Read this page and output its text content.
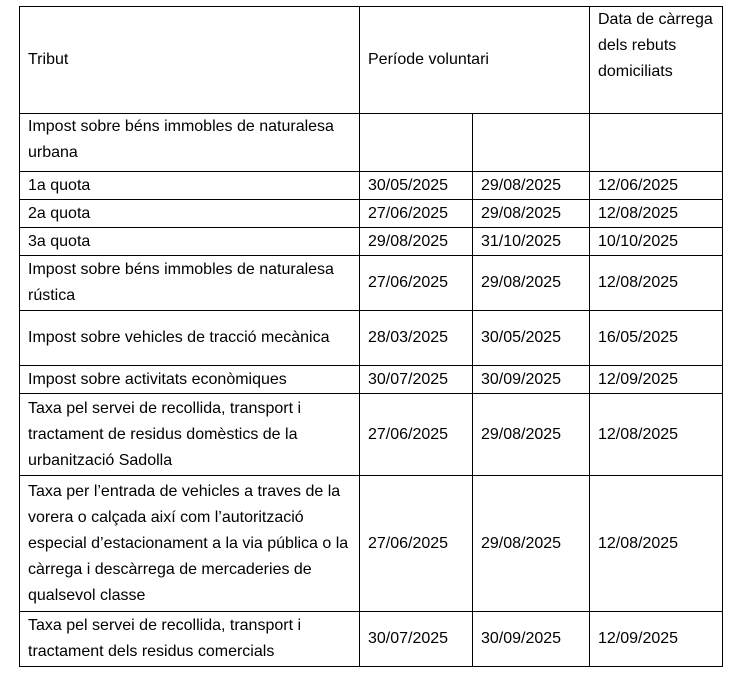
Tribut	Període voluntari		Data de càrrega dels rebuts domiciliats
Impost sobre béns immobles de naturalesa urbana			
1a quota	30/05/2025	29/08/2025	12/06/2025
2a quota	27/06/2025	29/08/2025	12/08/2025
3a quota	29/08/2025	31/10/2025	10/10/2025
Impost sobre béns immobles de naturalesa rústica	27/06/2025	29/08/2025	12/08/2025
Impost sobre vehicles de tracció mecànica	28/03/2025	30/05/2025	16/05/2025
Impost sobre activitats econòmiques	30/07/2025	30/09/2025	12/09/2025
Taxa pel servei de recollida, transport i tractament de residus domèstics de la urbanització Sadolla	27/06/2025	29/08/2025	12/08/2025
Taxa per l’entrada de vehicles a traves de la vorera o calçada així com l’autorització especial d’estacionament a la via pública o la càrrega i descàrrega de mercaderies de qualsevol classe	27/06/2025	29/08/2025	12/08/2025
Taxa pel servei de recollida, transport i tractament dels residus comercials	30/07/2025	30/09/2025	12/09/2025
